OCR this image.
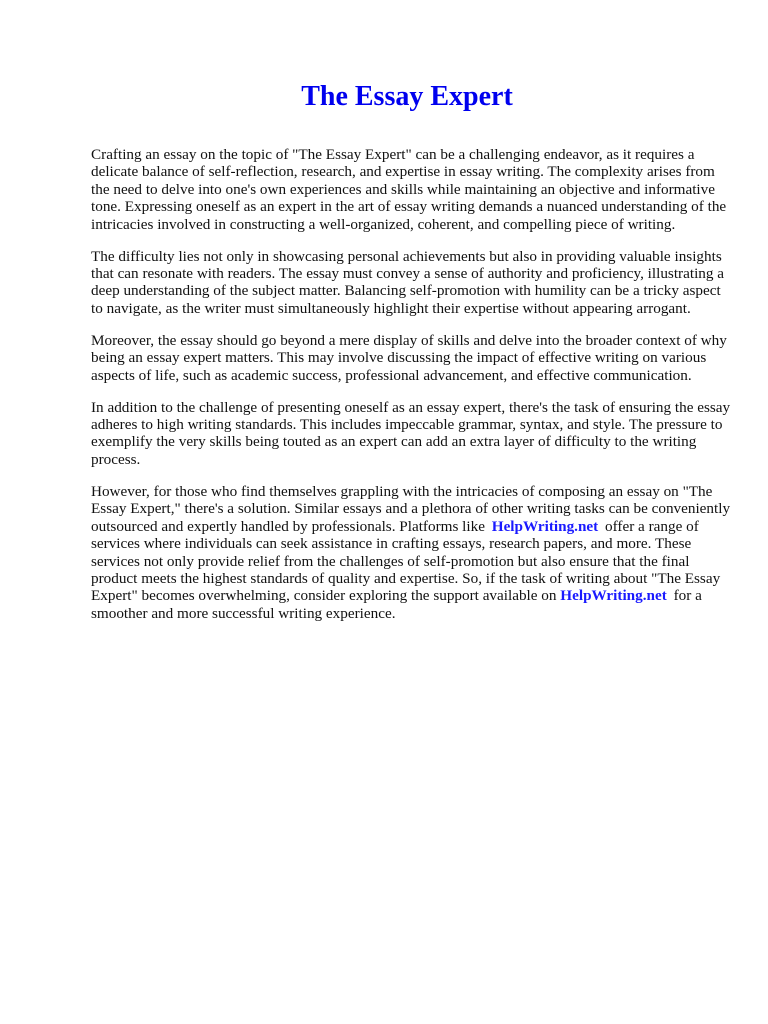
The Essay Expert

Crafting an essay on the topic of "The Essay Expert" can be a challenging endeavor, as it requires a delicate balance of self-reflection, research, and expertise in essay writing. The complexity arises from the need to delve into one's own experiences and skills while maintaining an objective and informative tone. Expressing oneself as an expert in the art of essay writing demands a nuanced understanding of the intricacies involved in constructing a well-organized, coherent, and compelling piece of writing.

The difficulty lies not only in showcasing personal achievements but also in providing valuable insights that can resonate with readers. The essay must convey a sense of authority and proficiency, illustrating a deep understanding of the subject matter. Balancing self-promotion with humility can be a tricky aspect to navigate, as the writer must simultaneously highlight their expertise without appearing arrogant.

Moreover, the essay should go beyond a mere display of skills and delve into the broader context of why being an essay expert matters. This may involve discussing the impact of effective writing on various aspects of life, such as academic success, professional advancement, and effective communication.

In addition to the challenge of presenting oneself as an essay expert, there's the task of ensuring the essay adheres to high writing standards. This includes impeccable grammar, syntax, and style. The pressure to exemplify the very skills being touted as an expert can add an extra layer of difficulty to the writing process.

However, for those who find themselves grappling with the intricacies of composing an essay on "The Essay Expert," there's a solution. Similar essays and a plethora of other writing tasks can be conveniently outsourced and expertly handled by professionals. Platforms like HelpWriting.net offer a range of services where individuals can seek assistance in crafting essays, research papers, and more. These services not only provide relief from the challenges of self-promotion but also ensure that the final product meets the highest standards of quality and expertise. So, if the task of writing about "The Essay Expert" becomes overwhelming, consider exploring the support available on HelpWriting.net for a smoother and more successful writing experience.
